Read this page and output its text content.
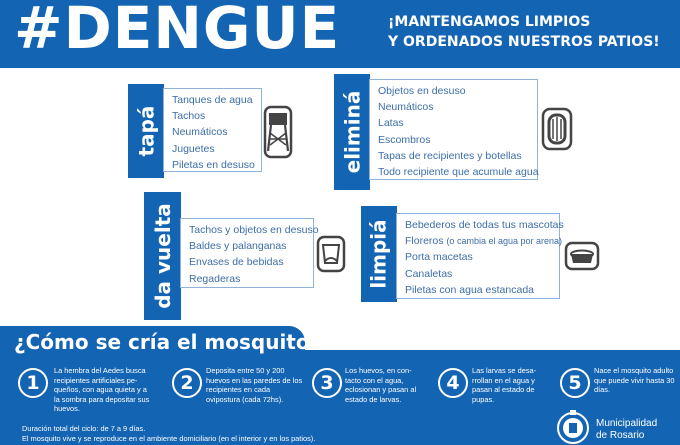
#DENGUE	¡MANTENGAMOS LIMPIOS
Y ORDENADOS NUESTROS PATIOS!
tapá
Tanques de agua
Tachos
Neumáticos
Juguetes
Piletas en desuso	eliminá Objetos en desuso
Neumáticos
Latas
Escombros
Tapas de recipientes y botellas
Todo recipiente que acumule agua
da vuelta Tachos y objetos en desuso
Baldes y palanganas
Envases de bebidas
Regaderas	limpiá Bebederos de todas tus mascotas
Floreros (o cambia el agua por arena)
Porta macetas
Canaletas
Piletas con agua estancada
¿Cómo se cría el mosquito?
1
La hembra del Aedes busca recipientes artificiales pe-queños, con agua quieta y a la sombra para depositar sus huevos.
2
Deposita entre 50 y 200 huevos en las paredes de los recipientes en cada ovipostura (cada 72hs).
3
Los huevos, en con-tacto con el agua, eclosionan y pasan al estado de larvas.
4
Las larvas se desa-rrollan en el agua y pasan al estado de pupas.
5
Nace el mosquito adulto que puede vivir hasta 30 días.
Duración total del ciclo: de 7 a 9 días.
El mosquito vive y se reproduce en el ambiente domiciliario (en el interior y en los patios).
Municipalidad
de Rosario
